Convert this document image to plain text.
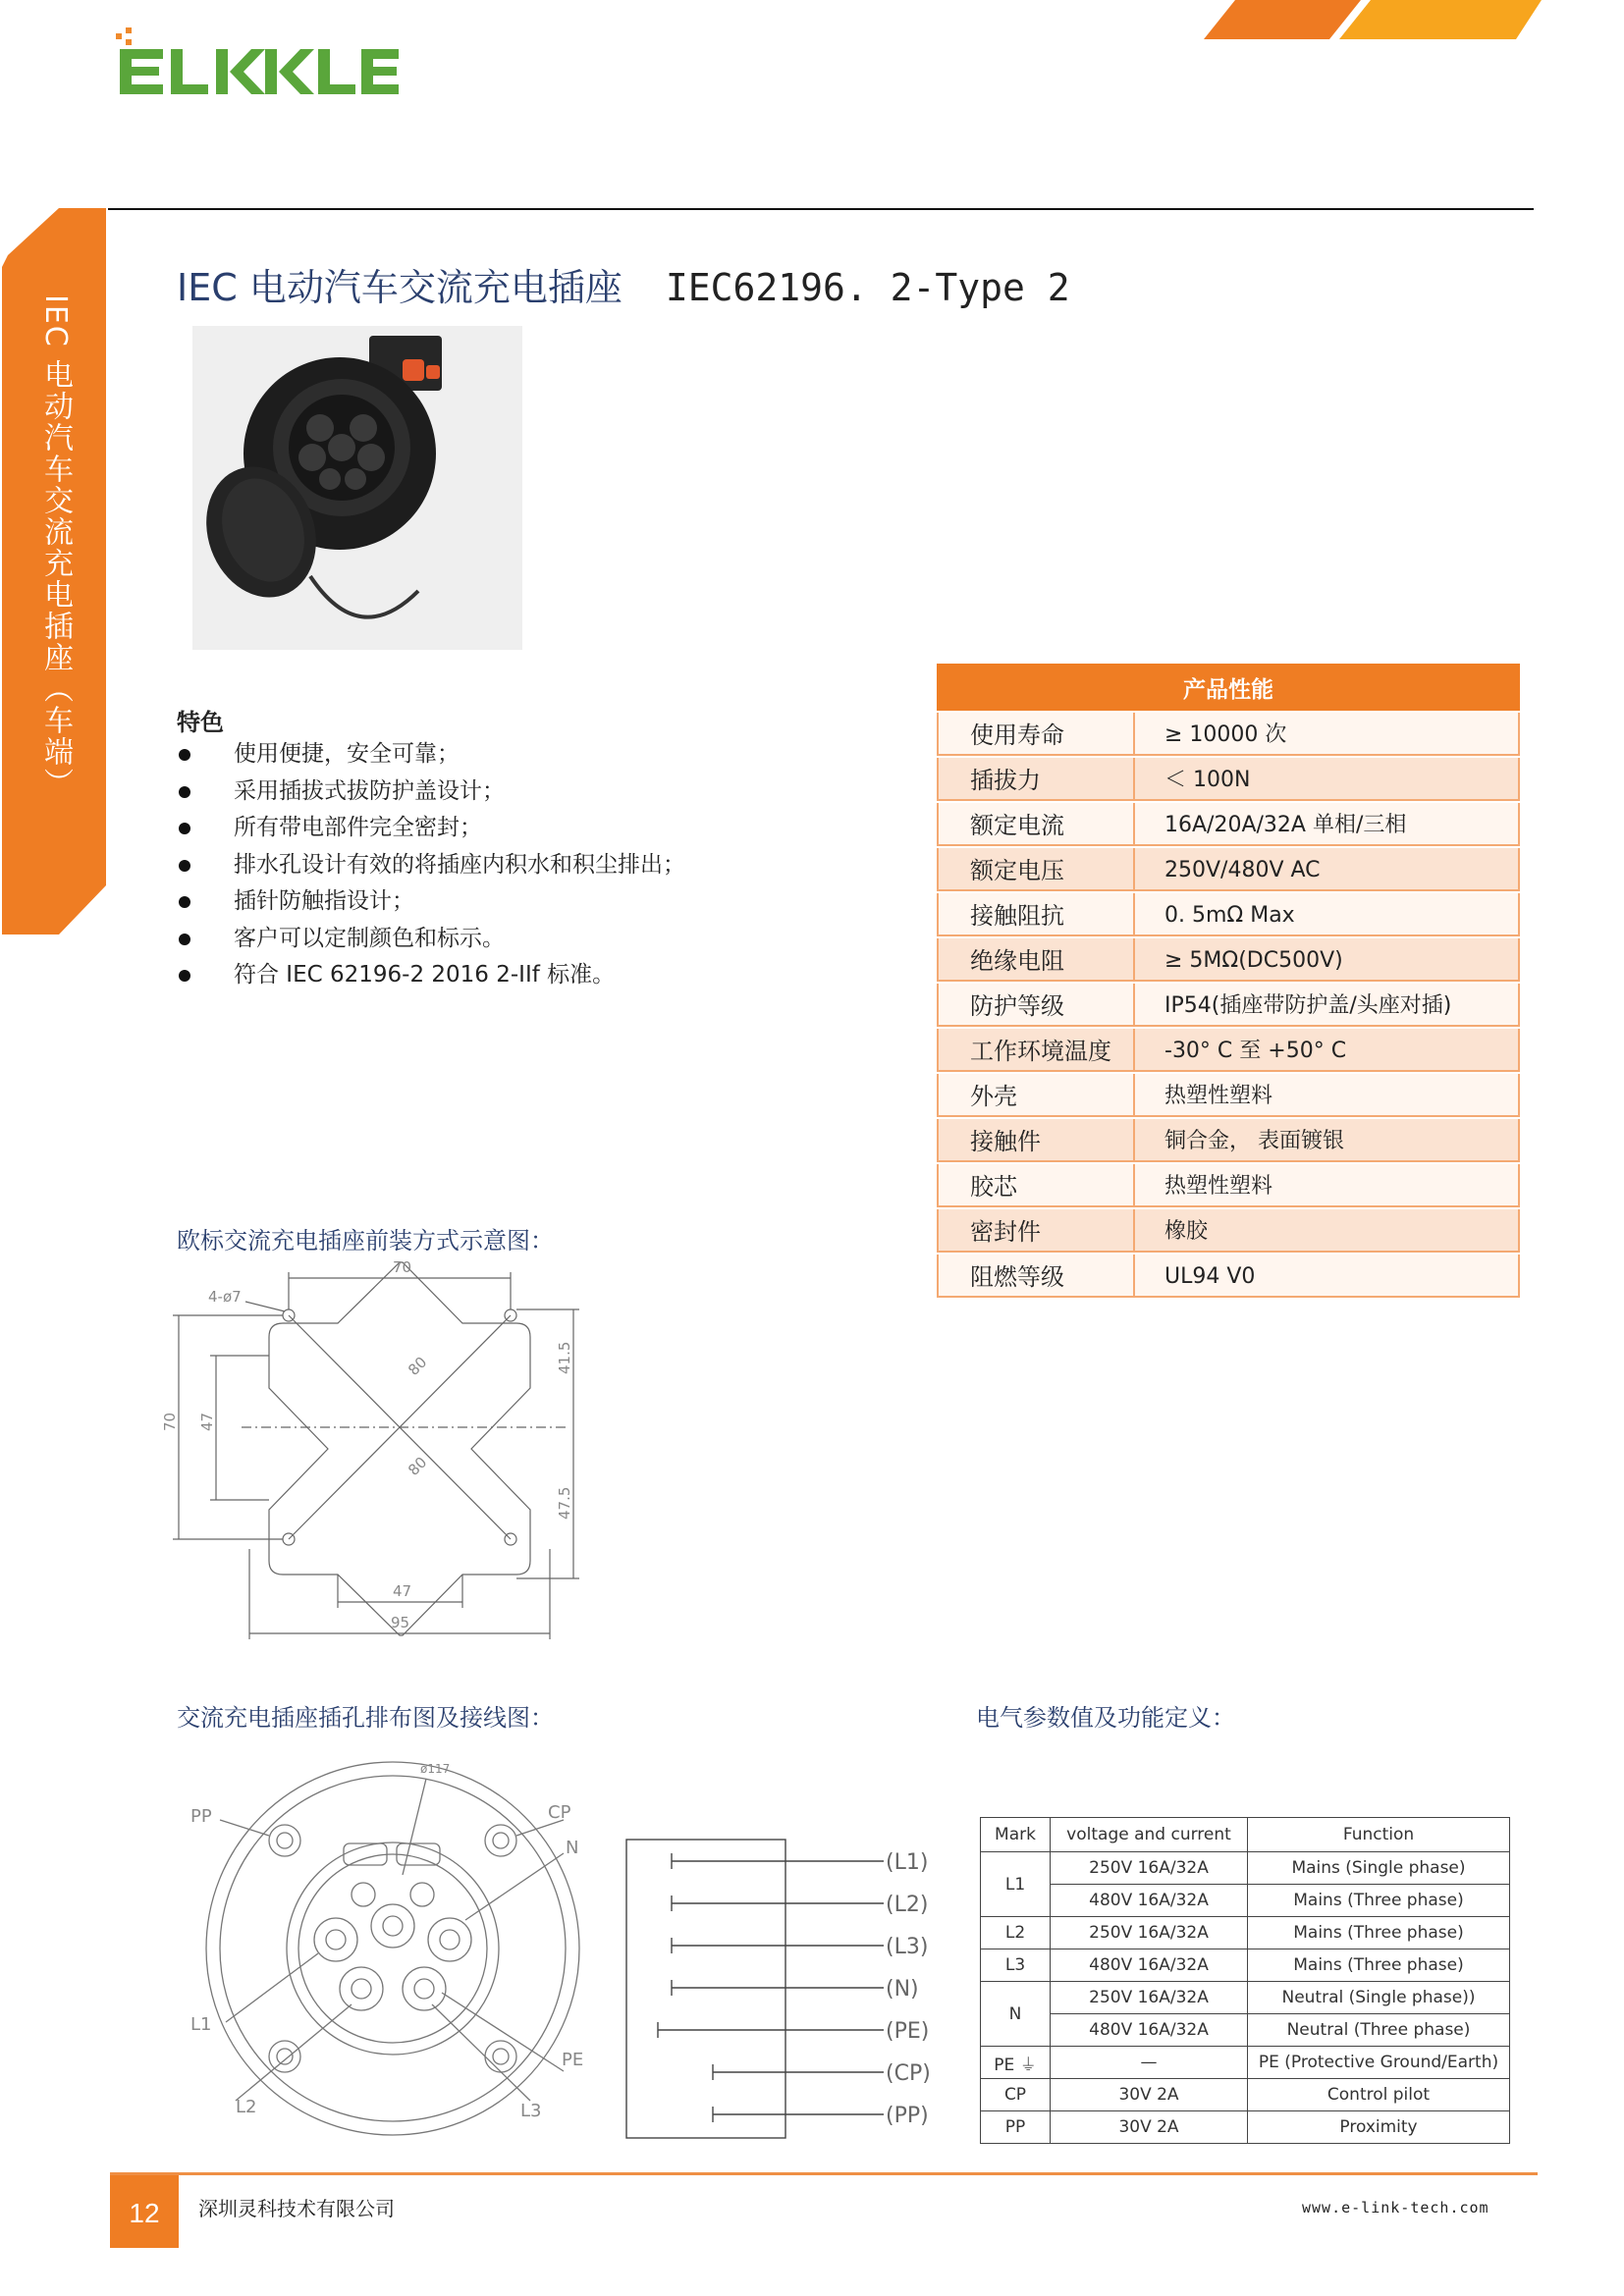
ELKKLE
IEC 电动汽车交流充电插座（车端）
IEC 电动汽车交流充电插座 IEC62196. 2-Type 2
特色
使用便捷，安全可靠；
采用插拔式拔防护盖设计；
所有带电部件完全密封；
排水孔设计有效的将插座内积水和积尘排出；
插针防触指设计；
客户可以定制颜色和标示。
符合 IEC 62196-2 2016 2-IIf 标准。
产品性能
使用寿命	≥ 10000 次
插拔力	＜ 100N
额定电流	16A/20A/32A 单相/三相
额定电压	250V/480V AC
接触阻抗	0. 5mΩ Max
绝缘电阻	≥ 5MΩ(DC500V)
防护等级	IP54(插座带防护盖/头座对插)
工作环境温度	-30° C 至 +50° C
外壳	热塑性塑料
接触件	铜合金， 表面镀银
胶芯	热塑性塑料
密封件	橡胶
阻燃等级	UL94 V0
欧标交流充电插座前装方式示意图：
70
4-ø7
80
80
70 47
41.5
47.5
47
95
交流充电插座插孔排布图及接线图：
ø117
PP	CP
N
L1
PE
L2	L3
(L1)
(L2)
(L3)
(N)
(PE)
(CP)
(PP)
电气参数值及功能定义：
Mark	voltage and current	Function
L1	250V 16A/32A	Mains (Single phase)
	480V 16A/32A	Mains (Three phase)
L2	250V 16A/32A	Mains (Three phase)
L3	480V 16A/32A	Mains (Three phase)
N	250V 16A/32A	Neutral (Single phase))
	480V 16A/32A	Neutral (Three phase)
PE ⏚	—	PE (Protective Ground/Earth)
CP	30V 2A	Control pilot
PP	30V 2A	Proximity
12	深圳灵科技术有限公司	www.e-link-tech.com
